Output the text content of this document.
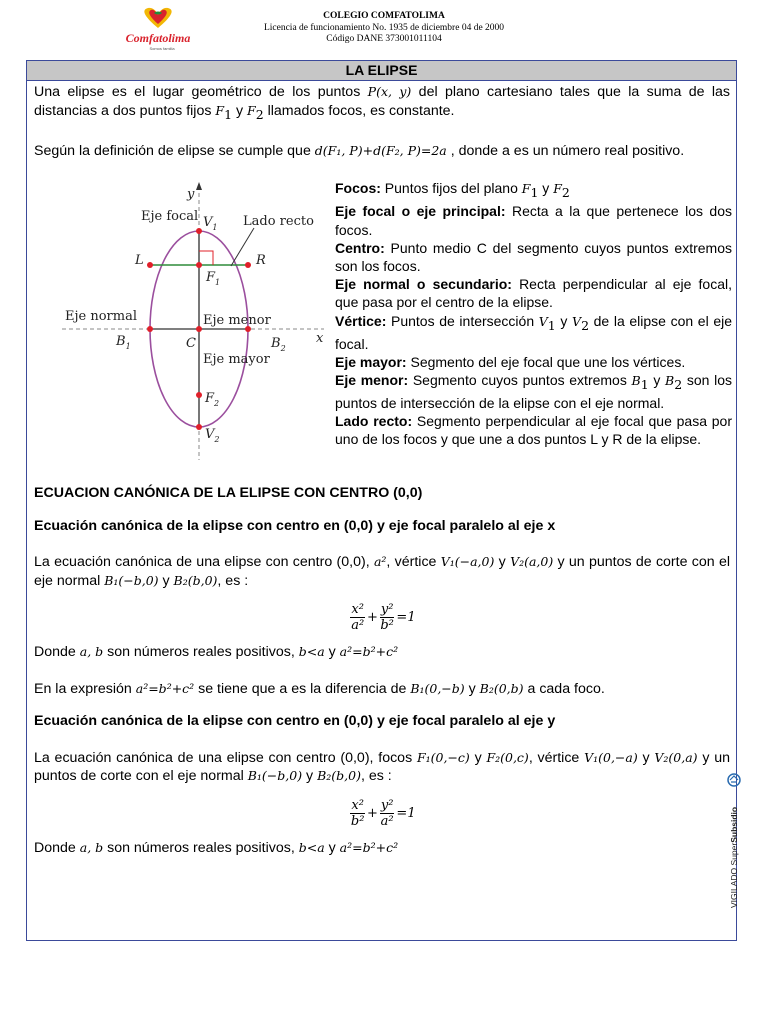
Comfatolima
Somos familia
COLEGIO COMFATOLIMA
Licencia de funcionamiento No. 1935 de diciembre 04 de 2000
Código DANE 373001011104
LA ELIPSE

Una elipse es el lugar geométrico de los puntos P(x, y) del plano cartesiano tales que la suma de las distancias a dos puntos fijos $F_1$ y $F_2$ llamados focos, es constante.

Según la definición de elipse se cumple que d(F₁, P)+d(F₂, P)=2a , donde a es un número real positivo.

y
x
Eje focal	Lado recto
Eje normal	Eje menor
Eje mayor
$V_1$
$F_1$
L	R
$B_1$	C	$B_2$
$F_2$
$V_2$
Focos: Puntos fijos del plano $F_1$ y $F_2$
Eje focal o eje principal: Recta a la que pertenece los dos focos.
Centro: Punto medio C del segmento cuyos puntos extremos son los focos.
Eje normal o secundario: Recta perpendicular al eje focal, que pasa por el centro de la elipse.
Vértice: Puntos de intersección $V_1$ y $V_2$ de la elipse con el eje focal.
Eje mayor: Segmento del eje focal que une los vértices.
Eje menor: Segmento cuyos puntos extremos $B_1$ y $B_2$ son los puntos de intersección de la elipse con el eje normal.
Lado recto: Segmento perpendicular al eje focal que pasa por uno de los focos y que une a dos puntos L y R de la elipse.

ECUACION CANÓNICA DE LA ELIPSE CON CENTRO (0,0)

Ecuación canónica de la elipse con centro en (0,0) y eje focal paralelo al eje x

La ecuación canónica de una elipse con centro (0,0), a², vértice V₁(−a,0) y V₂(a,0) y un puntos de corte con el eje normal B₁(−b,0) y B₂(b,0), es :

$\frac{\text{x²}}{\text{a²}} + \frac{\text{y²}}{\text{b²}} =1$

Donde a, b son números reales positivos, b<a y a²=b²+c²

En la expresión a²=b²+c² se tiene que a es la diferencia de B₁(0,−b) y B₂(0,b) a cada foco.

Ecuación canónica de la elipse con centro en (0,0) y eje focal paralelo al eje y

La ecuación canónica de una elipse con centro (0,0), focos F₁(0,−c) y F₂(0,c), vértice V₁(0,−a) y V₂(0,a) y un puntos de corte con el eje normal B₁(−b,0) y B₂(b,0), es :

$\frac{\text{x²}}{\text{b²}} + \frac{\text{y²}}{\text{a²}} =1$

Donde a, b son números reales positivos, b<a y a²=b²+c²

VIGILADO SuperSubsidio
